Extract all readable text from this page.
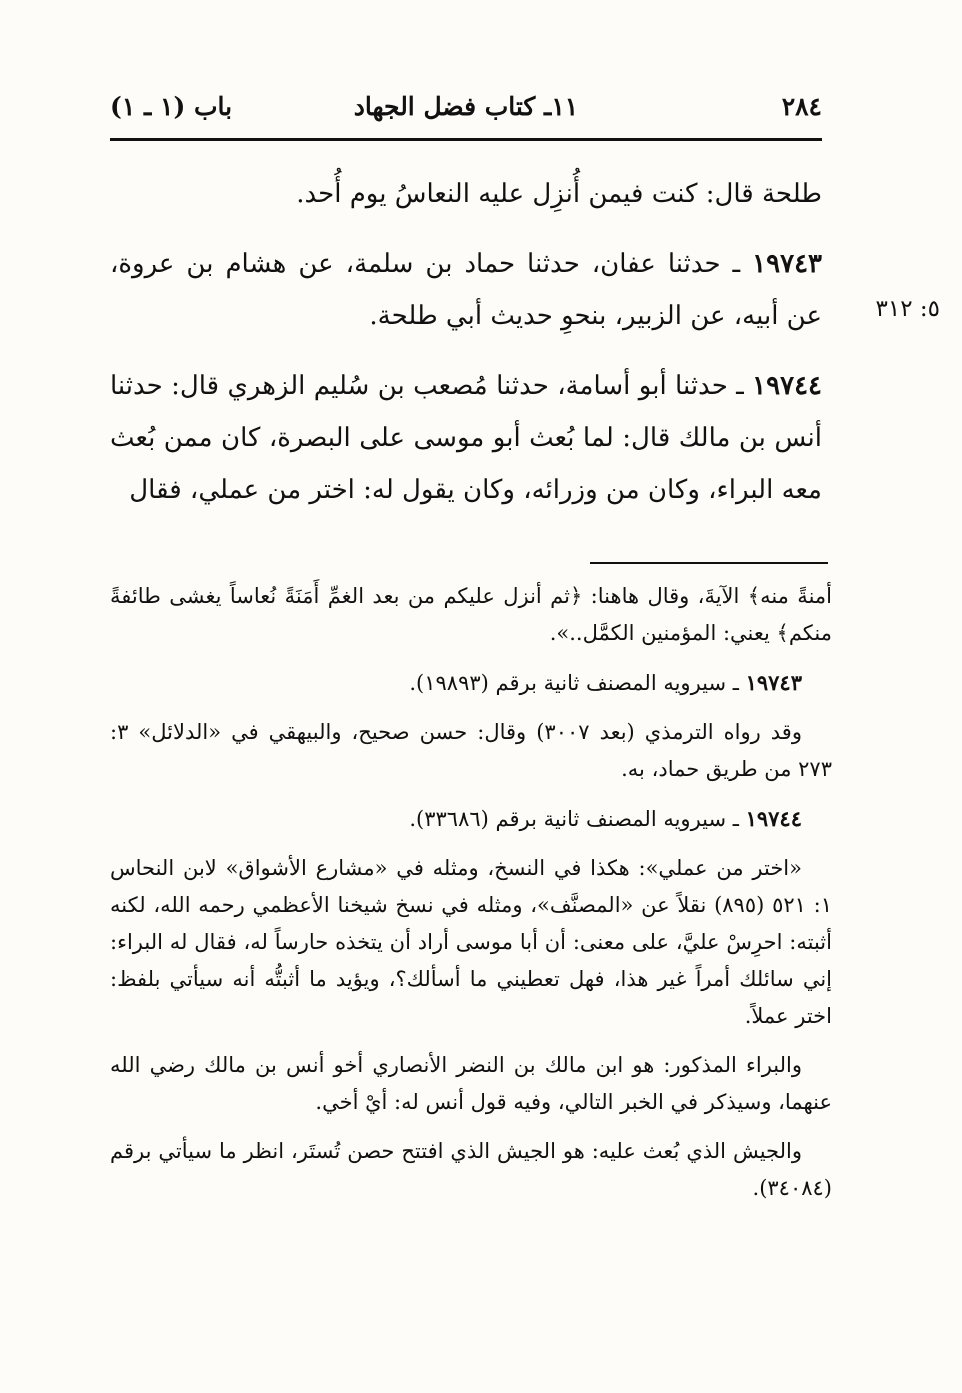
٢٨٤
١١ـ كتاب فضل الجهاد
باب (١ ـ ١)

طلحة قال: كنت فيمن أُنزِل عليه النعاسُ يوم أُحد.

١٩٧٤٣ ـ حدثنا عفان، حدثنا حماد بن سلمة، عن هشام بن عروة، عن أبيه، عن الزبير، بنحوِ حديث أبي طلحة.

١٩٧٤٤ ـ حدثنا أبو أسامة، حدثنا مُصعب بن سُليم الزهري قال: حدثنا أنس بن مالك قال: لما بُعث أبو موسى على البصرة، كان ممن بُعث معه البراء، وكان من وزرائه، وكان يقول له: اختر من عملي، فقال

٥: ٣١٢

أمنةً منه﴾ الآيةَ، وقال هاهنا: ﴿ثم أنزل عليكم من بعد الغمِّ أَمَنَةً نُعاساً يغشى طائفةً منكم﴾ يعني: المؤمنين الكمَّل..».

١٩٧٤٣ ـ سيرويه المصنف ثانية برقم (١٩٨٩٣).

وقد رواه الترمذي (بعد ٣٠٠٧) وقال: حسن صحيح، والبيهقي في «الدلائل» ٣: ٢٧٣ من طريق حماد، به.

١٩٧٤٤ ـ سيرويه المصنف ثانية برقم (٣٣٦٨٦).

«اختر من عملي»: هكذا في النسخ، ومثله في «مشارع الأشواق» لابن النحاس ١: ٥٢١ (٨٩٥) نقلاً عن «المصنَّف»، ومثله في نسخ شيخنا الأعظمي رحمه الله، لكنه أثبته: احرِسْ عليَّ، على معنى: أن أبا موسى أراد أن يتخذه حارساً له، فقال له البراء: إني سائلك أمراً غير هذا، فهل تعطيني ما أسألك؟، ويؤيد ما أثبتُّه أنه سيأتي بلفظ: اختر عملاً.

والبراء المذكور: هو ابن مالك بن النضر الأنصاري أخو أنس بن مالك رضي الله عنهما، وسيذكر في الخبر التالي، وفيه قول أنس له: أيْ أخي.

والجيش الذي بُعث عليه: هو الجيش الذي افتتح حصن تُستَر، انظر ما سيأتي برقم (٣٤٠٨٤).
